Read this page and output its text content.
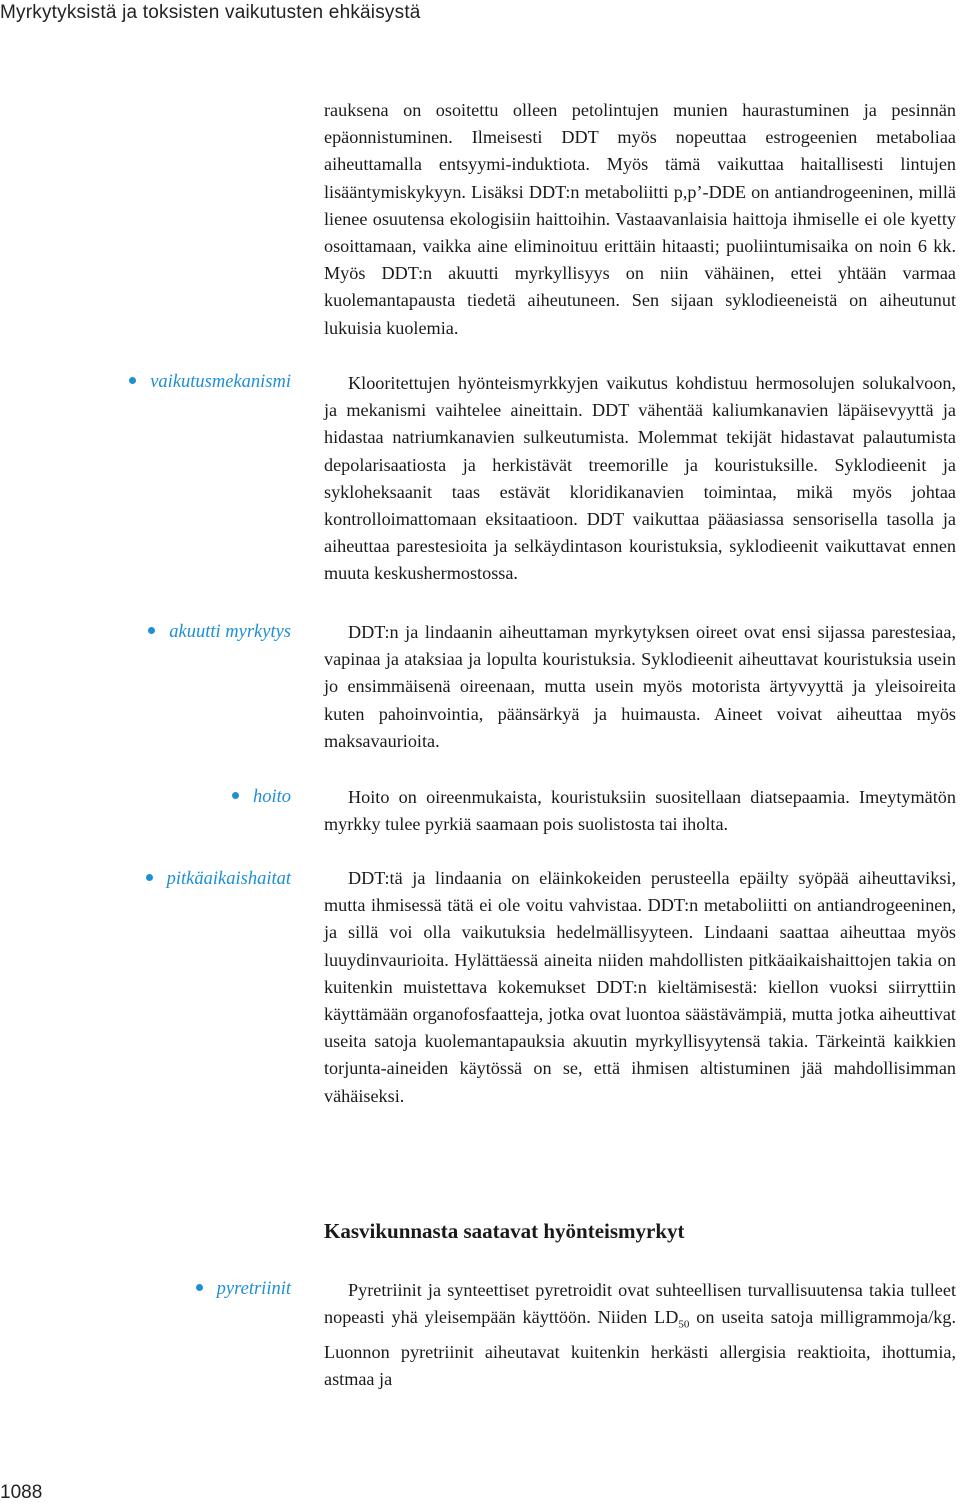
Myrkytyksistä ja toksisten vaikutusten ehkäisystä

rauksena on osoitettu olleen petolintujen munien haurastuminen ja pesinnän epäonnistuminen. Ilmeisesti DDT myös nopeuttaa estrogeenien metaboliaa aiheuttamalla entsyymi-induktiota. Myös tämä vaikuttaa haitallisesti lintujen lisääntymiskykyyn. Lisäksi DDT:n metaboliitti p,p’-DDE on antiandrogeeninen, millä lienee osuutensa ekologisiin haittoihin. Vastaavanlaisia haittoja ihmiselle ei ole kyetty osoittamaan, vaikka aine eliminoituu erittäin hitaasti; puoliintumisaika on noin 6 kk. Myös DDT:n akuutti myrkyllisyys on niin vähäinen, ettei yhtään varmaa kuolemantapausta tiedetä aiheutuneen. Sen sijaan syklodieeneistä on aiheutunut lukuisia kuolemia.

Klooritettujen hyönteismyrkkyjen vaikutus kohdistuu hermosolujen solukalvoon, ja mekanismi vaihtelee aineittain. DDT vähentää kaliumkanavien läpäisevyyttä ja hidastaa natriumkanavien sulkeutumista. Molemmat tekijät hidastavat palautumista depolarisaatiosta ja herkistävät treemorille ja kouristuksille. Syklodieenit ja sykloheksaanit taas estävät kloridikanavien toimintaa, mikä myös johtaa kontrolloimattomaan eksitaatioon. DDT vaikuttaa pääasiassa sensorisella tasolla ja aiheuttaa parestesioita ja selkäydintason kouristuksia, syklodieenit vaikuttavat ennen muuta keskushermostossa.

DDT:n ja lindaanin aiheuttaman myrkytyksen oireet ovat ensi sijassa parestesiaa, vapinaa ja ataksiaa ja lopulta kouristuksia. Syklodieenit aiheuttavat kouristuksia usein jo ensimmäisenä oireenaan, mutta usein myös motorista ärtyvyyttä ja yleisoireita kuten pahoinvointia, päänsärkyä ja huimausta. Aineet voivat aiheuttaa myös maksavaurioita.

Hoito on oireenmukaista, kouristuksiin suositellaan diatsepaamia. Imeytymätön myrkky tulee pyrkiä saamaan pois suolistosta tai iholta.

DDT:tä ja lindaania on eläinkokeiden perusteella epäilty syöpää aiheuttaviksi, mutta ihmisessä tätä ei ole voitu vahvistaa. DDT:n metaboliitti on antiandrogeeninen, ja sillä voi olla vaikutuksia hedelmällisyyteen. Lindaani saattaa aiheuttaa myös luuydinvaurioita. Hylättäessä aineita niiden mahdollisten pitkäaikaishaittojen takia on kuitenkin muistettava kokemukset DDT:n kieltämisestä: kiellon vuoksi siirryttiin käyttämään organofosfaatteja, jotka ovat luontoa säästävämpiä, mutta jotka aiheuttivat useita satoja kuolemantapauksia akuutin myrkyllisyytensä takia. Tärkeintä kaikkien torjunta-aineiden käytössä on se, että ihmisen altistuminen jää mahdollisimman vähäiseksi.

vaikutusmekanismi
akuutti myrkytys
hoito
pitkäaikaishaitat
pyretriinit
Kasvikunnasta saatavat hyönteismyrkyt

Pyretriinit ja synteettiset pyretroidit ovat suhteellisen turvallisuutensa takia tulleet nopeasti yhä yleisempään käyttöön. Niiden $LD_{50}$ on useita satoja milligrammoja/kg. Luonnon pyretriinit aiheutavat kuitenkin herkästi allergisia reaktioita, ihottumia, astmaa ja

1088
